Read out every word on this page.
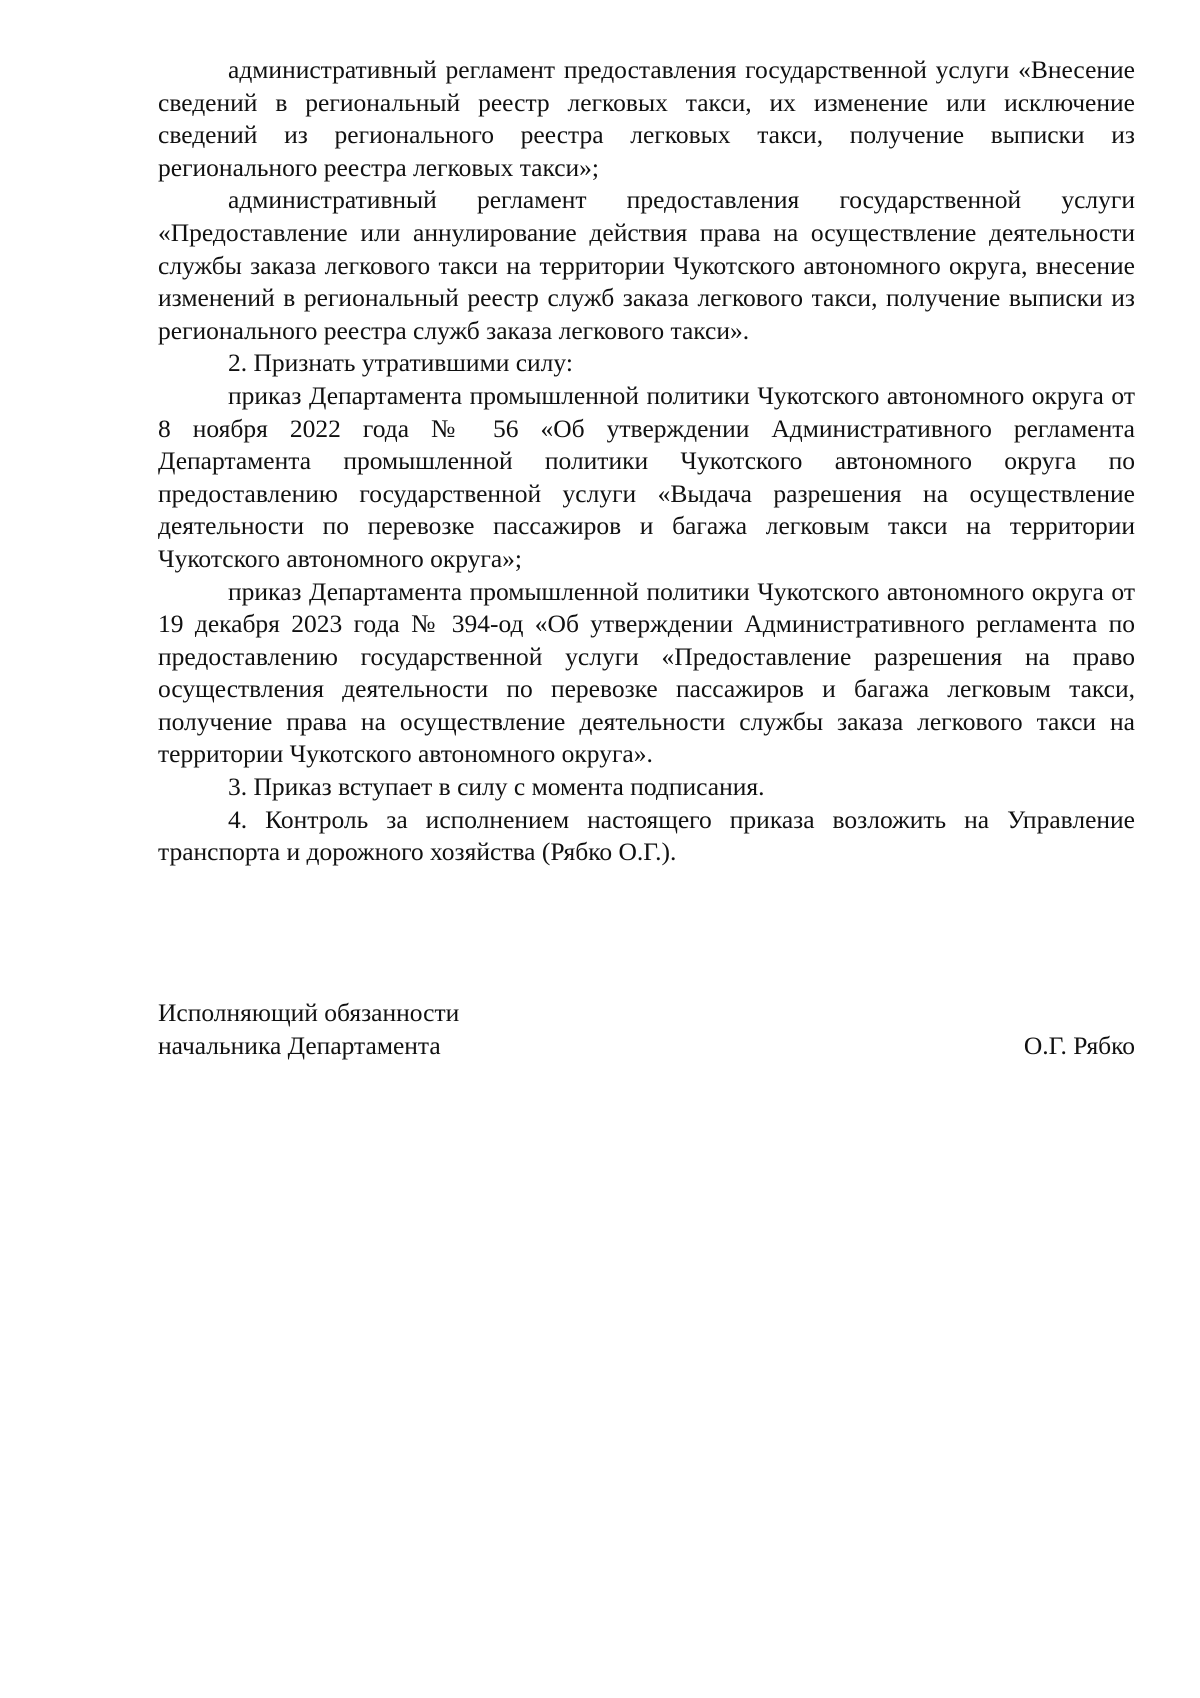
административный регламент предоставления государственной услуги «Внесение сведений в региональный реестр легковых такси, их изменение или исключение сведений из регионального реестра легковых такси, получение выписки из регионального реестра легковых такси»;

административный регламент предоставления государственной услуги «Предоставление или аннулирование действия права на осуществление деятельности службы заказа легкового такси на территории Чукотского автономного округа, внесение изменений в региональный реестр служб заказа легкового такси, получение выписки из регионального реестра служб заказа легкового такси».

2. Признать утратившими силу:

приказ Департамента промышленной политики Чукотского автономного округа от 8 ноября 2022 года № 56 «Об утверждении Административного регламента Департамента промышленной политики Чукотского автономного округа по предоставлению государственной услуги «Выдача разрешения на осуществление деятельности по перевозке пассажиров и багажа легковым такси на территории Чукотского автономного округа»;

приказ Департамента промышленной политики Чукотского автономного округа от 19 декабря 2023 года № 394-од «Об утверждении Административного регламента по предоставлению государственной услуги «Предоставление разрешения на право осуществления деятельности по перевозке пассажиров и багажа легковым такси, получение права на осуществление деятельности службы заказа легкового такси на территории Чукотского автономного округа».

3. Приказ вступает в силу с момента подписания.

4. Контроль за исполнением настоящего приказа возложить на Управление транспорта и дорожного хозяйства (Рябко О.Г.).

Исполняющий обязанности
начальника Департамента	О.Г. Рябко
